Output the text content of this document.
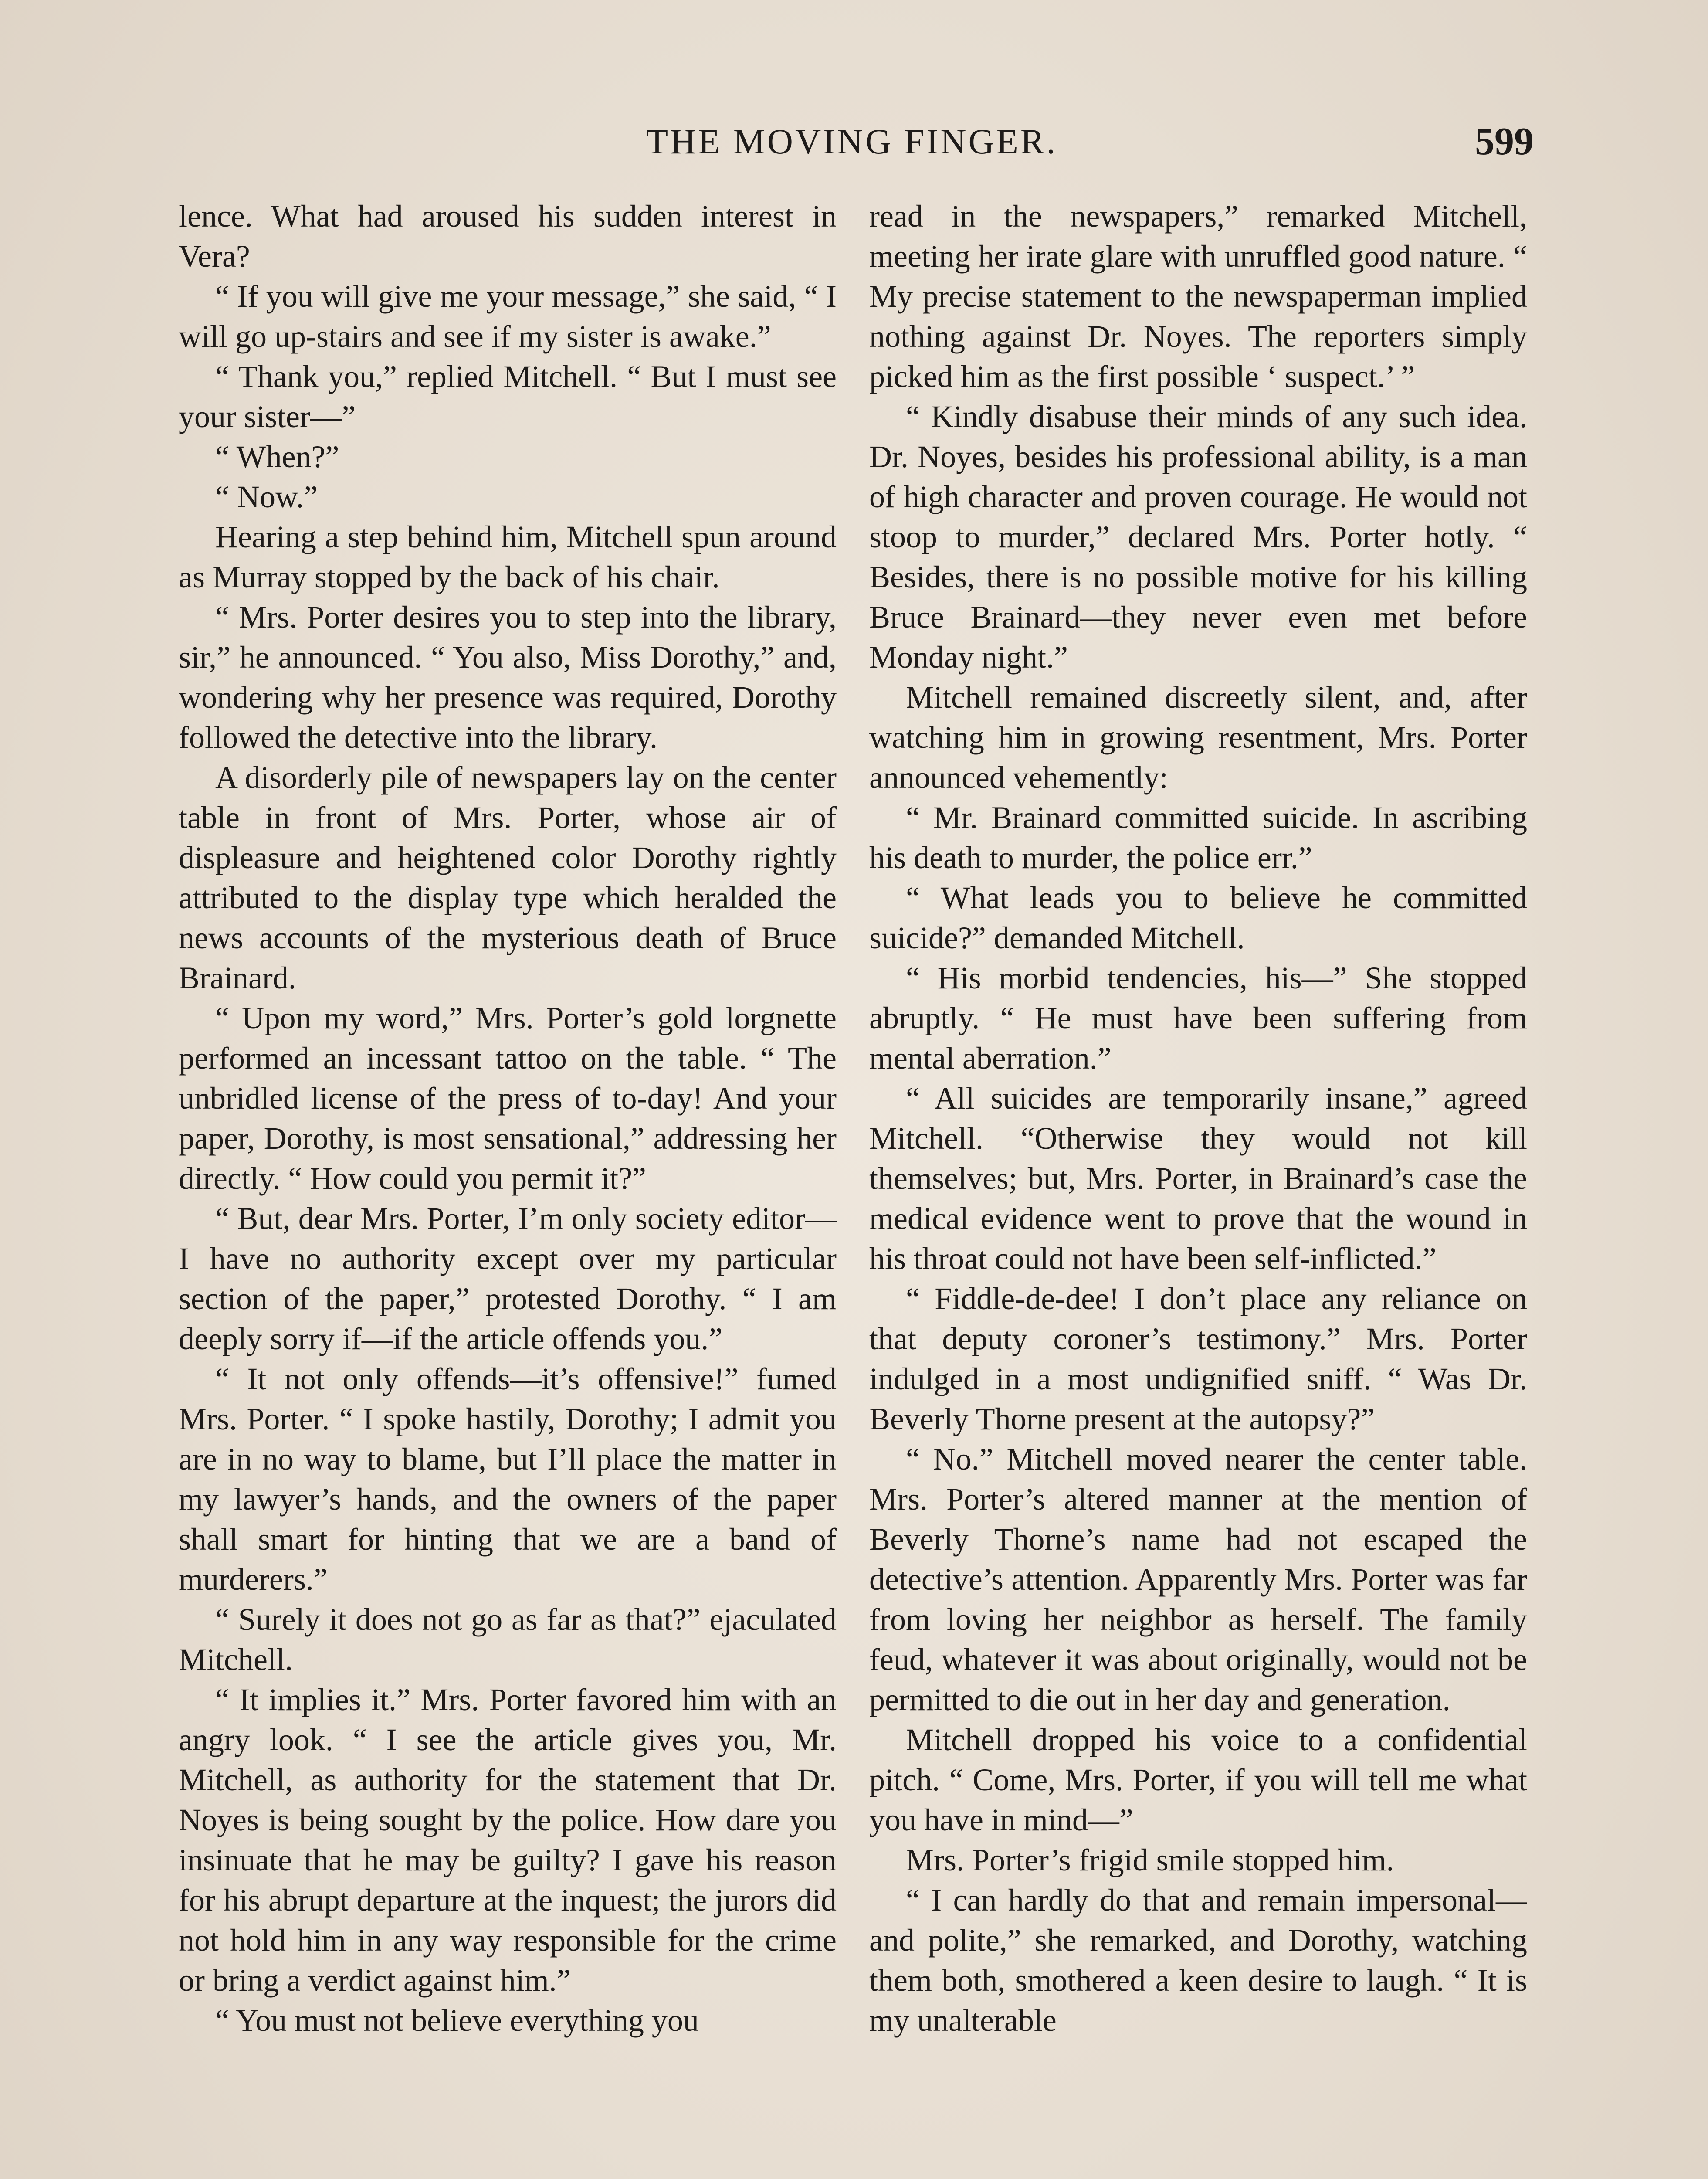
THE MOVING FINGER.	599

lence. What had aroused his sudden interest in Vera?

“ If you will give me your message,” she said, “ I will go up-stairs and see if my sister is awake.”

“ Thank you,” replied Mitchell. “ But I must see your sister—”

“ When?”

“ Now.”

Hearing a step behind him, Mitchell spun around as Murray stopped by the back of his chair.

“ Mrs. Porter desires you to step into the library, sir,” he announced. “ You also, Miss Dorothy,” and, wondering why her presence was required, Dorothy followed the detective into the library.

A disorderly pile of newspapers lay on the center table in front of Mrs. Porter, whose air of displeasure and heightened color Dorothy rightly attributed to the display type which heralded the news accounts of the mysterious death of Bruce Brainard.

“ Upon my word,” Mrs. Porter’s gold lorgnette performed an incessant tattoo on the table. “ The unbridled license of the press of to-day! And your paper, Dorothy, is most sensational,” addressing her directly. “ How could you permit it?”

“ But, dear Mrs. Porter, I’m only society editor—I have no authority except over my particular section of the paper,” protested Dorothy. “ I am deeply sorry if—if the article offends you.”

“ It not only offends—it’s offensive!” fumed Mrs. Porter. “ I spoke hastily, Dorothy; I admit you are in no way to blame, but I’ll place the matter in my lawyer’s hands, and the owners of the paper shall smart for hinting that we are a band of murderers.”

“ Surely it does not go as far as that?” ejaculated Mitchell.

“ It implies it.” Mrs. Porter favored him with an angry look. “ I see the article gives you, Mr. Mitchell, as authority for the statement that Dr. Noyes is being sought by the police. How dare you insinuate that he may be guilty? I gave his reason for his abrupt departure at the inquest; the jurors did not hold him in any way responsible for the crime or bring a verdict against him.”

“ You must not believe everything you

read in the newspapers,” remarked Mitchell, meeting her irate glare with unruffled good nature. “ My precise statement to the newspaperman implied nothing against Dr. Noyes. The reporters simply picked him as the first possible ‘ suspect.’ ”

“ Kindly disabuse their minds of any such idea. Dr. Noyes, besides his professional ability, is a man of high character and proven courage. He would not stoop to murder,” declared Mrs. Porter hotly. “ Besides, there is no possible motive for his killing Bruce Brainard—they never even met before Monday night.”

Mitchell remained discreetly silent, and, after watching him in growing resentment, Mrs. Porter announced vehemently:

“ Mr. Brainard committed suicide. In ascribing his death to murder, the police err.”

“ What leads you to believe he committed suicide?” demanded Mitchell.

“ His morbid tendencies, his—” She stopped abruptly. “ He must have been suffering from mental aberration.”

“ All suicides are temporarily insane,” agreed Mitchell. “Otherwise they would not kill themselves; but, Mrs. Porter, in Brainard’s case the medical evidence went to prove that the wound in his throat could not have been self-inflicted.”

“ Fiddle-de-dee! I don’t place any reliance on that deputy coroner’s testimony.” Mrs. Porter indulged in a most undignified sniff. “ Was Dr. Beverly Thorne present at the autopsy?”

“ No.” Mitchell moved nearer the center table. Mrs. Porter’s altered manner at the mention of Beverly Thorne’s name had not escaped the detective’s attention. Apparently Mrs. Porter was far from loving her neighbor as herself. The family feud, whatever it was about originally, would not be permitted to die out in her day and generation.

Mitchell dropped his voice to a confidential pitch. “ Come, Mrs. Porter, if you will tell me what you have in mind—”

Mrs. Porter’s frigid smile stopped him.

“ I can hardly do that and remain impersonal—and polite,” she remarked, and Dorothy, watching them both, smothered a keen desire to laugh. “ It is my unalterable
